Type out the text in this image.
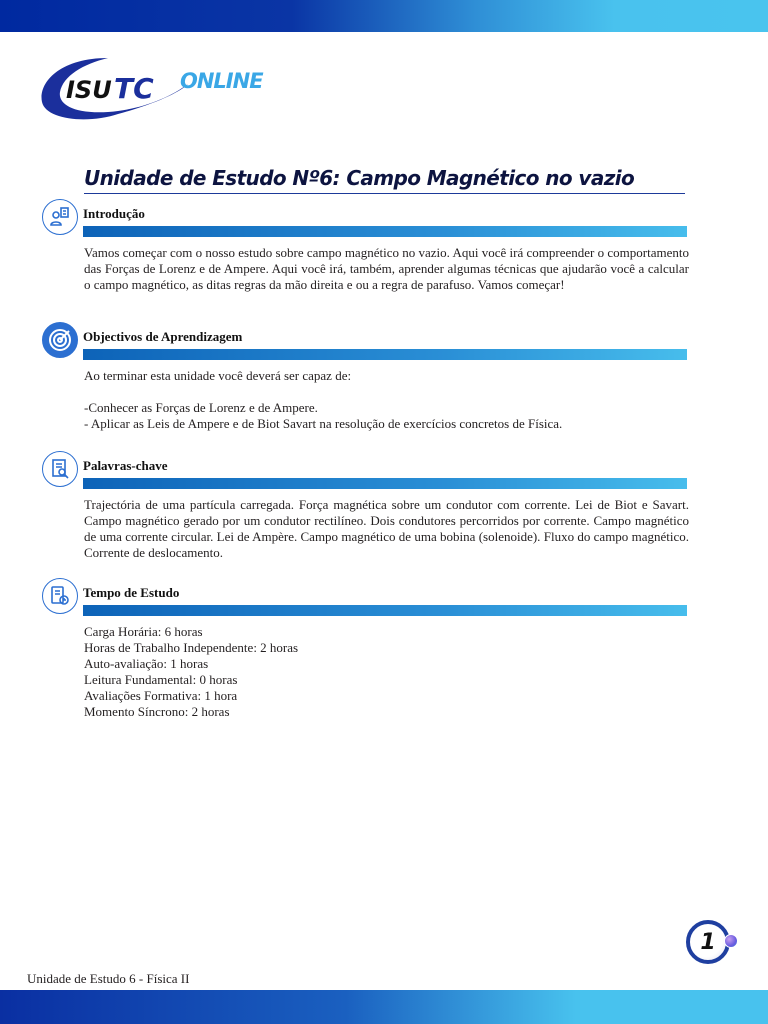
ISU TC ONLINE
Unidade de Estudo Nº6: Campo Magnético no vazio
Introdução

Vamos começar com o nosso estudo sobre campo magnético no vazio. Aqui você irá compreender o comportamento das Forças de Lorenz e de Ampere. Aqui você irá, também, aprender algumas técnicas que ajudarão você a calcular o campo magnético, as ditas regras da mão direita e ou a regra de parafuso. Vamos começar!

Objectivos de Aprendizagem

Ao terminar esta unidade você deverá ser capaz de:

-Conhecer as Forças de Lorenz e de Ampere.

- Aplicar as Leis de Ampere e de Biot Savart na resolução de exercícios concretos de Física.

Palavras-chave

Trajectória de uma partícula carregada. Força magnética sobre um condutor com corrente. Lei de Biot e Savart. Campo magnético gerado por um condutor rectilíneo. Dois condutores percorridos por corrente. Campo magnético de uma corrente circular. Lei de Ampère. Campo magnético de uma bobina (solenoide). Fluxo do campo magnético. Corrente de deslocamento.

Tempo de Estudo

Carga Horária: 6 horas

Horas de Trabalho Independente: 2 horas

Auto-avaliação: 1 horas

Leitura Fundamental: 0 horas

Avaliações Formativa: 1 hora

Momento Síncrono: 2 horas

1
Unidade de Estudo 6 - Física II
